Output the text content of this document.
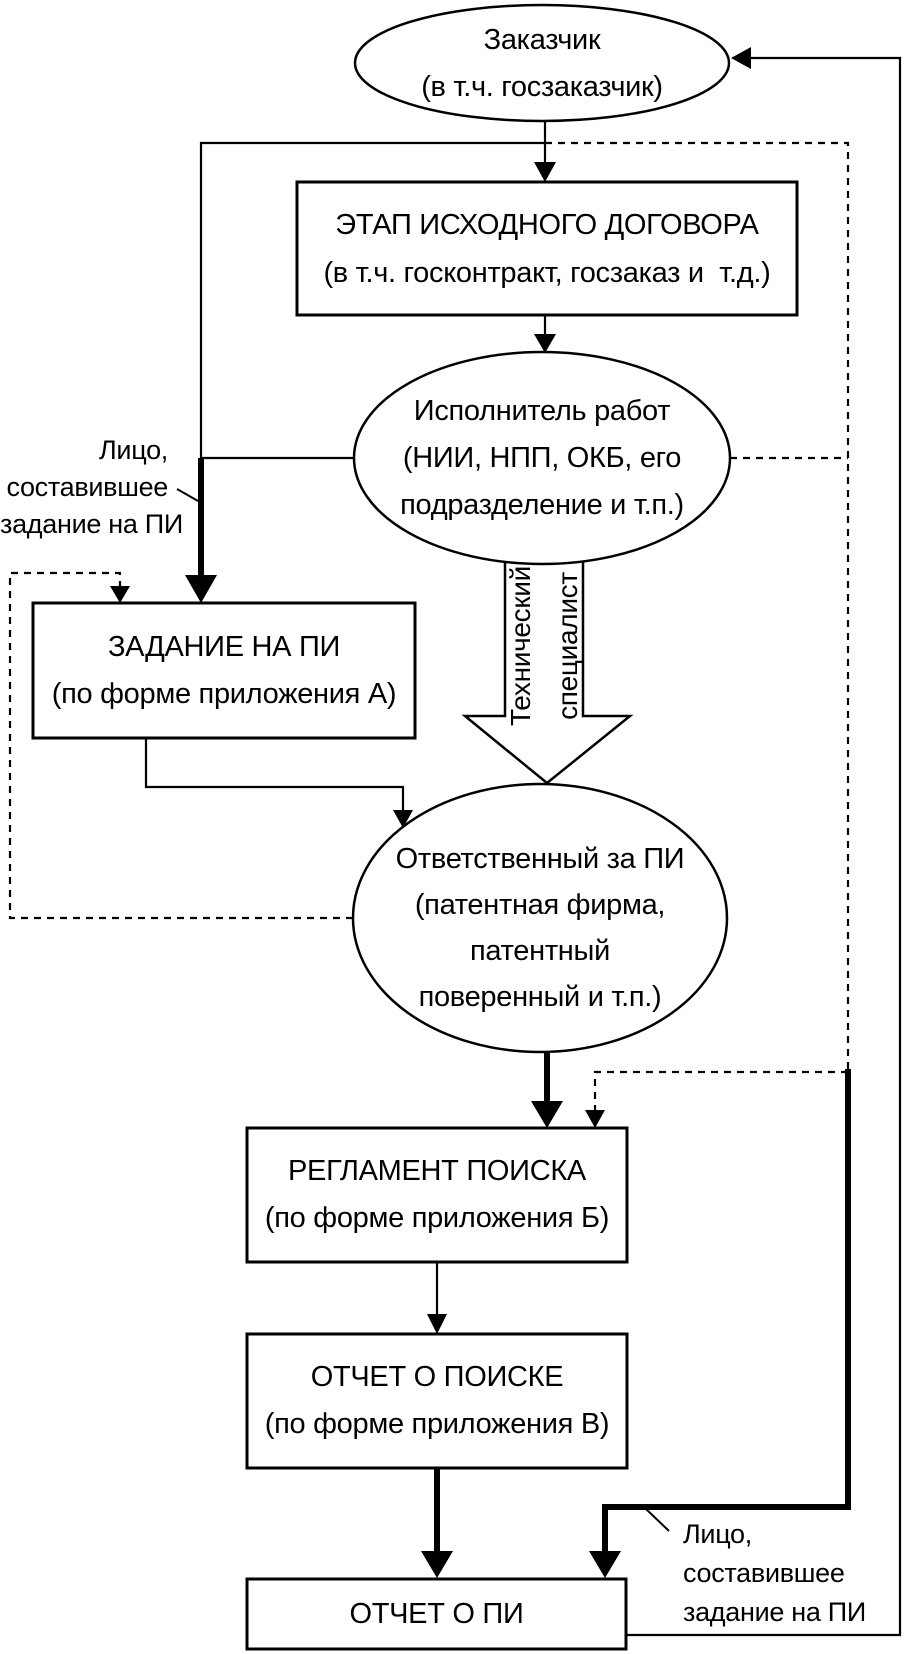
Заказчик
(в т.ч. госзаказчик)
ЭТАП ИСХОДНОГО ДОГОВОРА
(в т.ч. госконтракт, госзаказ и  т.д.)
Исполнитель работ
(НИИ, НПП, ОКБ, его
подразделение и т.п.)
ЗАДАНИЕ НА ПИ
(по форме приложения А)	Технический специалист
Ответственный за ПИ
(патентная фирма,
патентный
поверенный и т.п.)
РЕГЛАМЕНТ ПОИСКА
(по форме приложения Б)
ОТЧЕТ О ПОИСКЕ
(по форме приложения В)
ОТЧЕТ О ПИ
Лицо,
составившее
задание на ПИ
Лицо,
составившее
задание на ПИ
